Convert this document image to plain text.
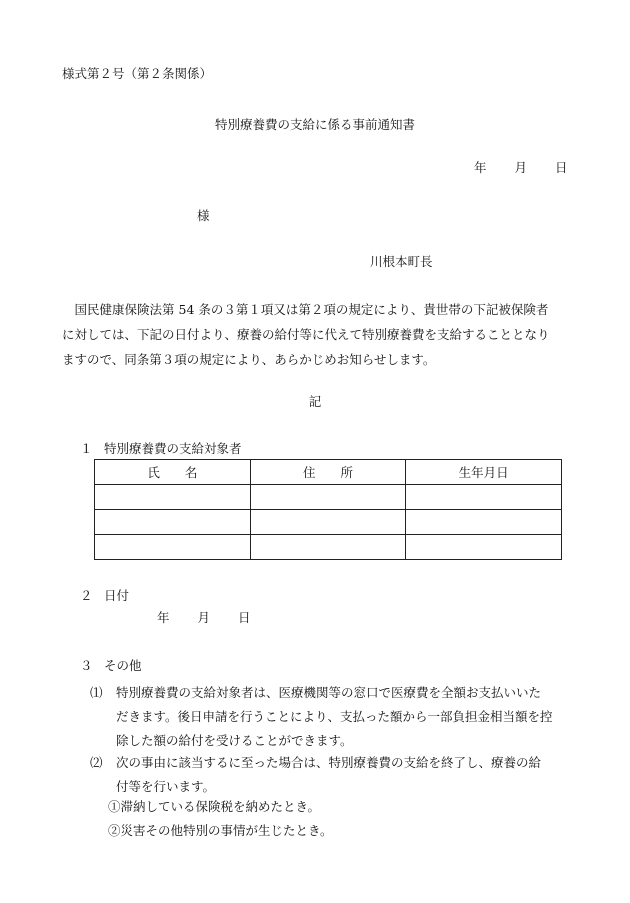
様式第２号（第２条関係）
特別療養費の支給に係る事前通知書
年 月 日
様
川根本町長

　国民健康保険法第 54 条の３第１項又は第２項の規定により、貴世帯の下記被保険者

に対しては、下記の日付より、療養の給付等に代えて特別療養費を支給することとなり

ますので、同条第３項の規定により、あらかじめお知らせします。

記
１ 特別療養費の支給対象者
氏　　名	住　　所	生年月日

２ 日付
年 月 日
３ その他
⑴ 特別療養費の支給対象者は、医療機関等の窓口で医療費を全額お支払いいた
だきます。後日申請を行うことにより、支払った額から一部負担金相当額を控
除した額の給付を受けることができます。
⑵ 次の事由に該当するに至った場合は、特別療養費の支給を終了し、療養の給
付等を行います。
①滞納している保険税を納めたとき。
②災害その他特別の事情が生じたとき。
